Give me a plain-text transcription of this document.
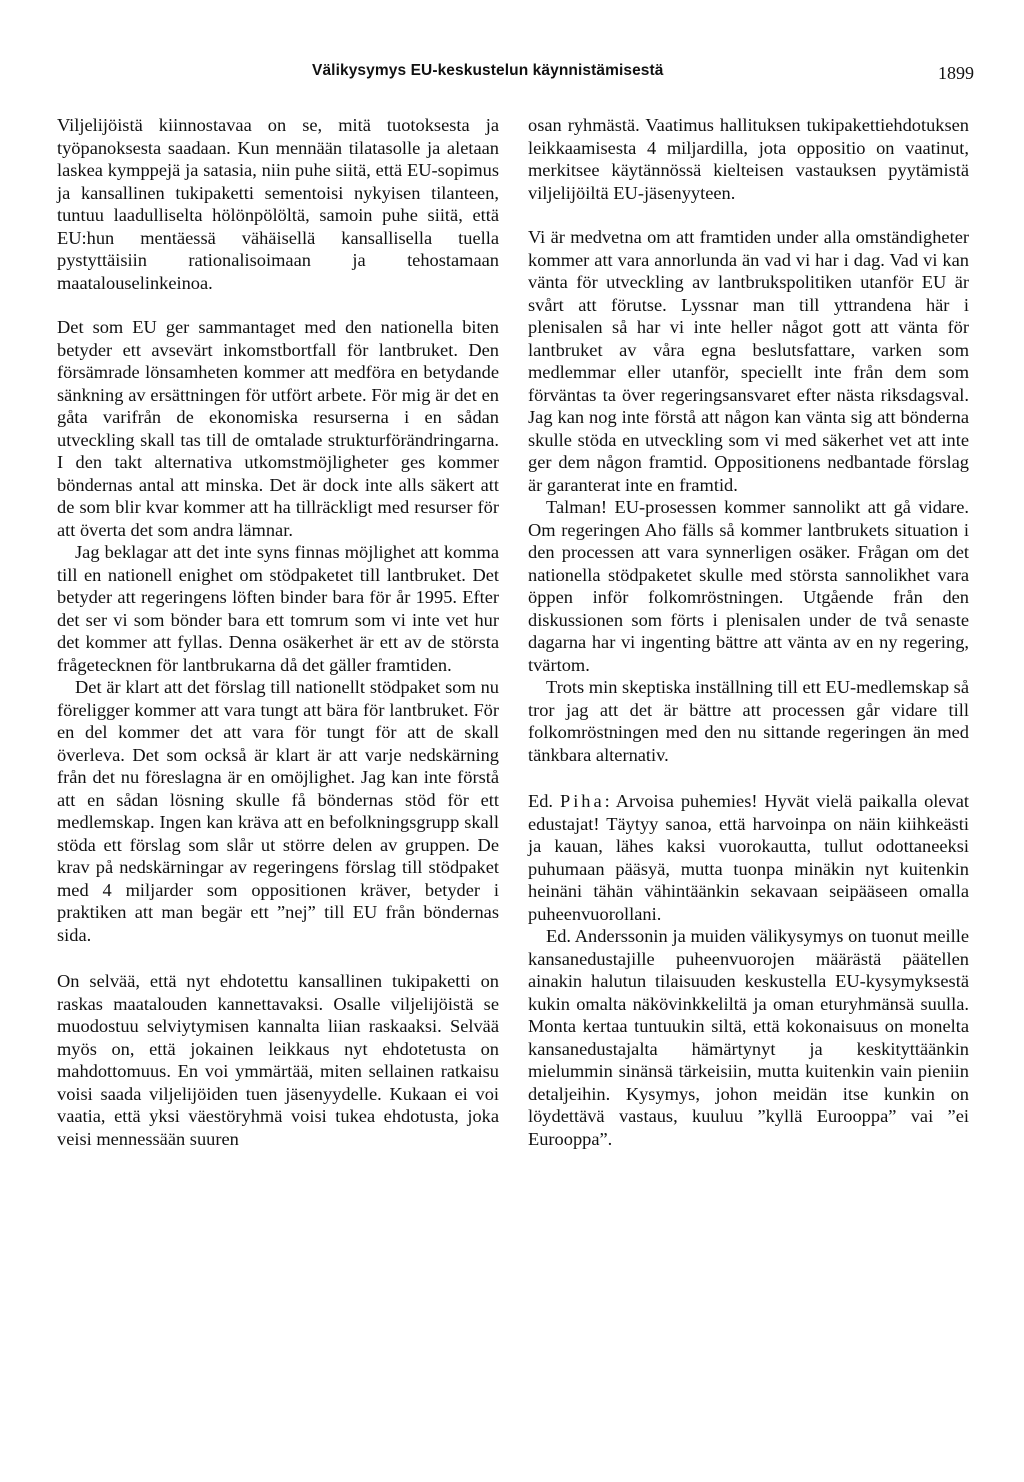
Välikysymys EU-keskustelun käynnistämisestä	1899

Viljelijöistä kiinnostavaa on se, mitä tuotoksesta ja työpanoksesta saadaan. Kun mennään tilatasolle ja aletaan laskea kymppejä ja satasia, niin puhe siitä, että EU-sopimus ja kansallinen tukipaketti sementoisi nykyisen tilanteen, tuntuu laadulliselta hölönpölöltä, samoin puhe siitä, että EU:hun mentäessä vähäisellä kansallisella tuella pystyttäisiin rationalisoimaan ja tehostamaan maatalouselinkeinoa.

Det som EU ger sammantaget med den nationella biten betyder ett avsevärt inkomstbortfall för lantbruket. Den försämrade lönsamheten kommer att medföra en betydande sänkning av ersättningen för utfört arbete. För mig är det en gåta varifrån de ekonomiska resurserna i en sådan utveckling skall tas till de omtalade strukturförändringarna. I den takt alternativa utkomstmöjligheter ges kommer böndernas antal att minska. Det är dock inte alls säkert att de som blir kvar kommer att ha tillräckligt med resurser för att överta det som andra lämnar.

Jag beklagar att det inte syns finnas möjlighet att komma till en nationell enighet om stödpaketet till lantbruket. Det betyder att regeringens löften binder bara för år 1995. Efter det ser vi som bönder bara ett tomrum som vi inte vet hur det kommer att fyllas. Denna osäkerhet är ett av de största frågetecknen för lantbrukarna då det gäller framtiden.

Det är klart att det förslag till nationellt stödpaket som nu föreligger kommer att vara tungt att bära för lantbruket. För en del kommer det att vara för tungt för att de skall överleva. Det som också är klart är att varje nedskärning från det nu föreslagna är en omöjlighet. Jag kan inte förstå att en sådan lösning skulle få böndernas stöd för ett medlemskap. Ingen kan kräva att en befolkningsgrupp skall stöda ett förslag som slår ut större delen av gruppen. De krav på nedskärningar av regeringens förslag till stödpaket med 4 miljarder som oppositionen kräver, betyder i praktiken att man begär ett ”nej” till EU från böndernas sida.

On selvää, että nyt ehdotettu kansallinen tukipaketti on raskas maatalouden kannettavaksi. Osalle viljelijöistä se muodostuu selviytymisen kannalta liian raskaaksi. Selvää myös on, että jokainen leikkaus nyt ehdotetusta on mahdottomuus. En voi ymmärtää, miten sellainen ratkaisu voisi saada viljelijöiden tuen jäsenyydelle. Kukaan ei voi vaatia, että yksi väestöryhmä voisi tukea ehdotusta, joka veisi mennessään suuren

osan ryhmästä. Vaatimus hallituksen tukipakettiehdotuksen leikkaamisesta 4 miljardilla, jota oppositio on vaatinut, merkitsee käytännössä kielteisen vastauksen pyytämistä viljelijöiltä EU-jäsenyyteen.

Vi är medvetna om att framtiden under alla omständigheter kommer att vara annorlunda än vad vi har i dag. Vad vi kan vänta för utveckling av lantbrukspolitiken utanför EU är svårt att förutse. Lyssnar man till yttrandena här i plenisalen så har vi inte heller något gott att vänta för lantbruket av våra egna beslutsfattare, varken som medlemmar eller utanför, speciellt inte från dem som förväntas ta över regeringsansvaret efter nästa riksdagsval. Jag kan nog inte förstå att någon kan vänta sig att bönderna skulle stöda en utveckling som vi med säkerhet vet att inte ger dem någon framtid. Oppositionens nedbantade förslag är garanterat inte en framtid.

Talman! EU-prosessen kommer sannolikt att gå vidare. Om regeringen Aho fälls så kommer lantbrukets situation i den processen att vara synnerligen osäker. Frågan om det nationella stödpaketet skulle med största sannolikhet vara öppen inför folkomröstningen. Utgående från den diskussionen som förts i plenisalen under de två senaste dagarna har vi ingenting bättre att vänta av en ny regering, tvärtom.

Trots min skeptiska inställning till ett EU-medlemskap så tror jag att det är bättre att processen går vidare till folkomröstningen med den nu sittande regeringen än med tänkbara alternativ.

Ed. Piha: Arvoisa puhemies! Hyvät vielä paikalla olevat edustajat! Täytyy sanoa, että harvoinpa on näin kiihkeästi ja kauan, lähes kaksi vuorokautta, tullut odottaneeksi puhumaan pääsyä, mutta tuonpa minäkin nyt kuitenkin heinäni tähän vähintäänkin sekavaan seipääseen omalla puheenvuorollani.

Ed. Anderssonin ja muiden välikysymys on tuonut meille kansanedustajille puheenvuorojen määrästä päätellen ainakin halutun tilaisuuden keskustella EU-kysymyksestä kukin omalta näkövinkkeliltä ja oman eturyhmänsä suulla. Monta kertaa tuntuukin siltä, että kokonaisuus on monelta kansanedustajalta hämärtynyt ja keskityttäänkin mielummin sinänsä tärkeisiin, mutta kuitenkin vain pieniin detaljeihin. Kysymys, johon meidän itse kunkin on löydettävä vastaus, kuuluu ”kyllä Eurooppa” vai ”ei Eurooppa”.
